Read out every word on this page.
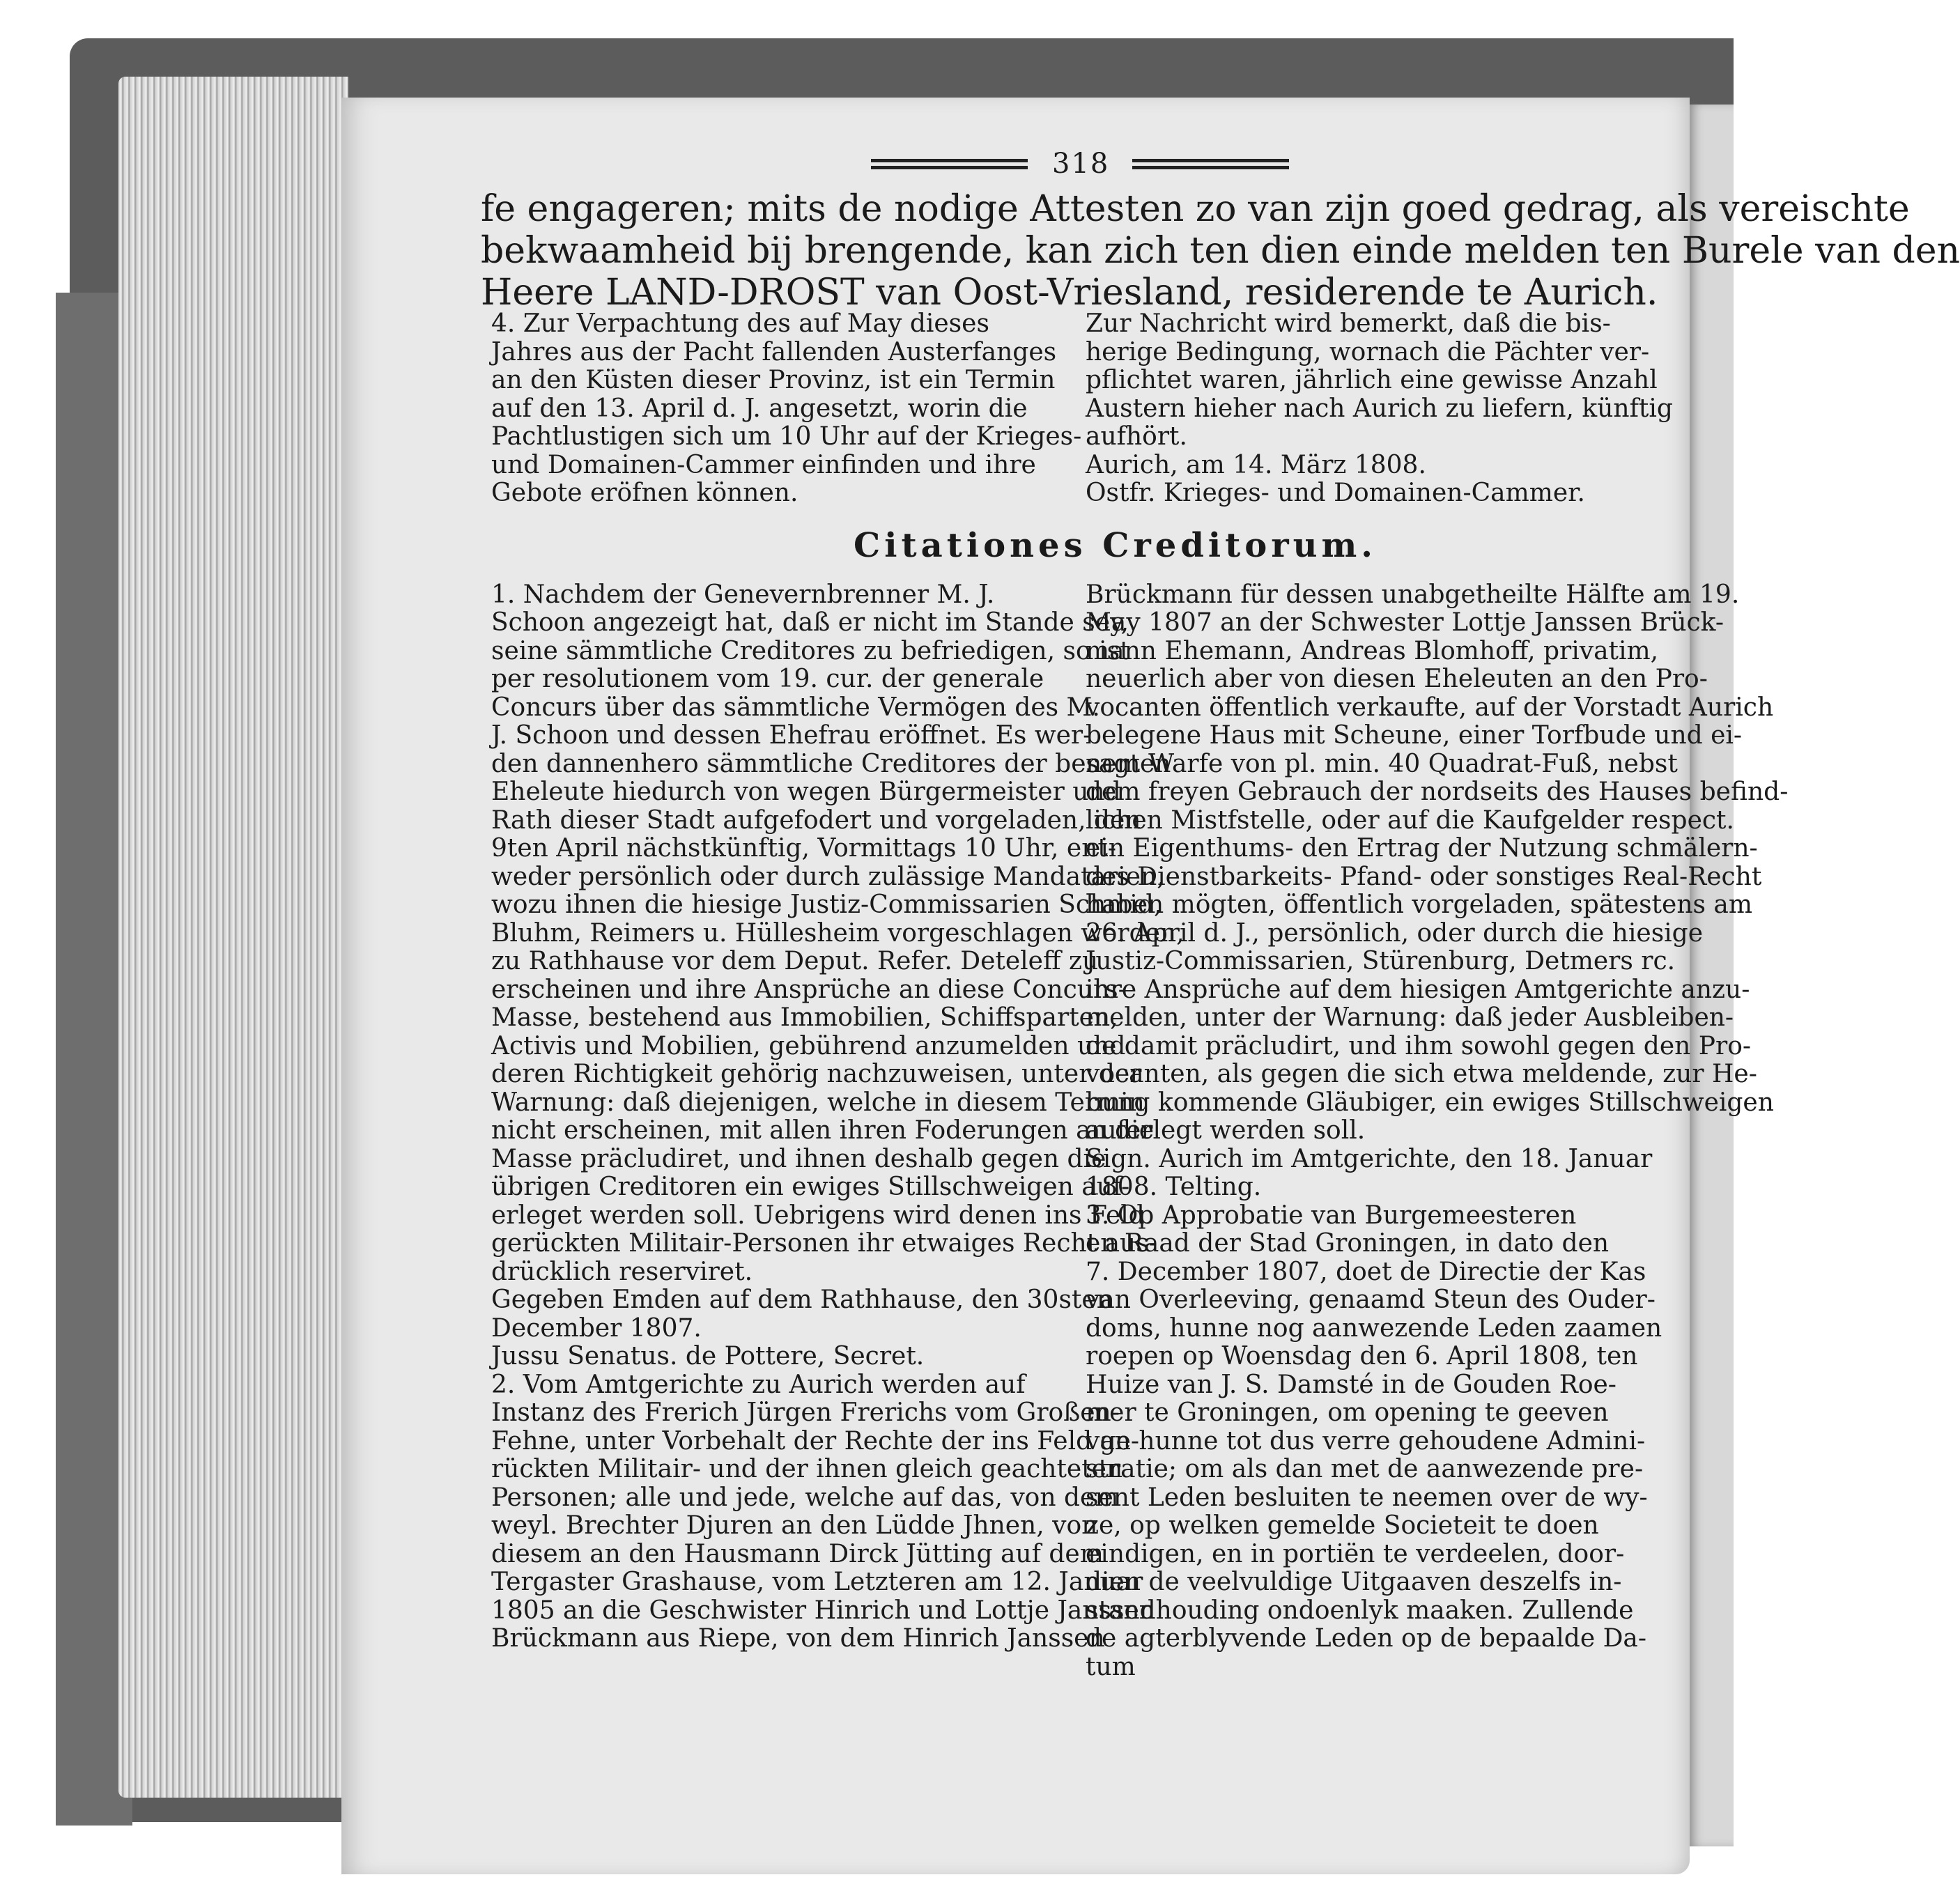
318
fe engageren; mits de nodige Attesten zo van zijn goed gedrag, als vereischte
bekwaamheid bij brengende, kan zich ten dien einde melden ten Burele van den
Heere LAND-DROST van Oost-Vriesland, residerende te Aurich.
Citationes Creditorum.
4. Zur Verpachtung des auf May dieses
Jahres aus der Pacht fallenden Austerfanges
an den Küsten dieser Provinz, ist ein Termin
auf den 13. April d. J. angesetzt, worin die
Pachtlustigen sich um 10 Uhr auf der Krieges-
und Domainen-Cammer einfinden und ihre
Gebote eröfnen können.
1. Nachdem der Genevernbrenner M. J.
Schoon angezeigt hat, daß er nicht im Stande sey,
seine sämmtliche Creditores zu befriedigen, so ist
per resolutionem vom 19. cur. der generale
Concurs über das sämmtliche Vermögen des M.
J. Schoon und dessen Ehefrau eröffnet. Es wer-
den dannenhero sämmtliche Creditores der besagten
Eheleute hiedurch von wegen Bürgermeister und
Rath dieser Stadt aufgefodert und vorgeladen, den
9ten April nächstkünftig, Vormittags 10 Uhr, ent-
weder persönlich oder durch zulässige Mandatarien,
wozu ihnen die hiesige Justiz-Commissarien Schmid,
Bluhm, Reimers u. Hüllesheim vorgeschlagen werden,
zu Rathhause vor dem Deput. Refer. Deteleff zu
erscheinen und ihre Ansprüche an diese Concurs-
Masse, bestehend aus Immobilien, Schiffsparten,
Activis und Mobilien, gebührend anzumelden und
deren Richtigkeit gehörig nachzuweisen, unter der
Warnung: daß diejenigen, welche in diesem Termin
nicht erscheinen, mit allen ihren Foderungen an die
Masse präcludiret, und ihnen deshalb gegen die
übrigen Creditoren ein ewiges Stillschweigen auf-
erleget werden soll. Uebrigens wird denen ins Feld
gerückten Militair-Personen ihr etwaiges Recht aus-
drücklich reserviret.
Gegeben Emden auf dem Rathhause, den 30sten
December 1807.
Jussu Senatus. de Pottere, Secret.
2. Vom Amtgerichte zu Aurich werden auf
Instanz des Frerich Jürgen Frerichs vom Großen-
Fehne, unter Vorbehalt der Rechte der ins Feld ge-
rückten Militair- und der ihnen gleich geachteten
Personen; alle und jede, welche auf das, von dem
weyl. Brechter Djuren an den Lüdde Jhnen, von
diesem an den Hausmann Dirck Jütting auf dem
Tergaster Grashause, vom Letzteren am 12. Januar
1805 an die Geschwister Hinrich und Lottje Janssen
Brückmann aus Riepe, von dem Hinrich Janssen
Zur Nachricht wird bemerkt, daß die bis-
herige Bedingung, wornach die Pächter ver-
pflichtet waren, jährlich eine gewisse Anzahl
Austern hieher nach Aurich zu liefern, künftig
aufhört.
Aurich, am 14. März 1808.
Ostfr. Krieges- und Domainen-Cammer.
Brückmann für dessen unabgetheilte Hälfte am 19.
May 1807 an der Schwester Lottje Janssen Brück-
mann Ehemann, Andreas Blomhoff, privatim,
neuerlich aber von diesen Eheleuten an den Pro-
vocanten öffentlich verkaufte, auf der Vorstadt Aurich
belegene Haus mit Scheune, einer Torfbude und ei-
nem Warfe von pl. min. 40 Quadrat-Fuß, nebst
dem freyen Gebrauch der nordseits des Hauses befind-
lichen Mistfstelle, oder auf die Kaufgelder respect.
ein Eigenthums- den Ertrag der Nutzung schmälern-
des Dienstbarkeits- Pfand- oder sonstiges Real-Recht
haben mögten, öffentlich vorgeladen, spätestens am
26. April d. J., persönlich, oder durch die hiesige
Justiz-Commissarien, Stürenburg, Detmers rc.
ihre Ansprüche auf dem hiesigen Amtgerichte anzu-
melden, unter der Warnung: daß jeder Ausbleiben-
de damit präcludirt, und ihm sowohl gegen den Pro-
vocanten, als gegen die sich etwa meldende, zur He-
bung kommende Gläubiger, ein ewiges Stillschweigen
auferlegt werden soll.
Sign. Aurich im Amtgerichte, den 18. Januar
1808. Telting.
3. Op Approbatie van Burgemeesteren
en Raad der Stad Groningen, in dato den
7. December 1807, doet de Directie der Kas
van Overleeving, genaamd Steun des Ouder-
doms, hunne nog aanwezende Leden zaamen
roepen op Woensdag den 6. April 1808, ten
Huize van J. S. Damsté in de Gouden Roe-
mer te Groningen, om opening te geeven
van hunne tot dus verre gehoudene Admini-
stratie; om als dan met de aanwezende pre-
sent Leden besluiten te neemen over de wy-
ze, op welken gemelde Societeit te doen
eindigen, en in portiën te verdeelen, door-
dien de veelvuldige Uitgaaven deszelfs in-
standhouding ondoenlyk maaken. Zullende
de agterblyvende Leden op de bepaalde Da-
tum
